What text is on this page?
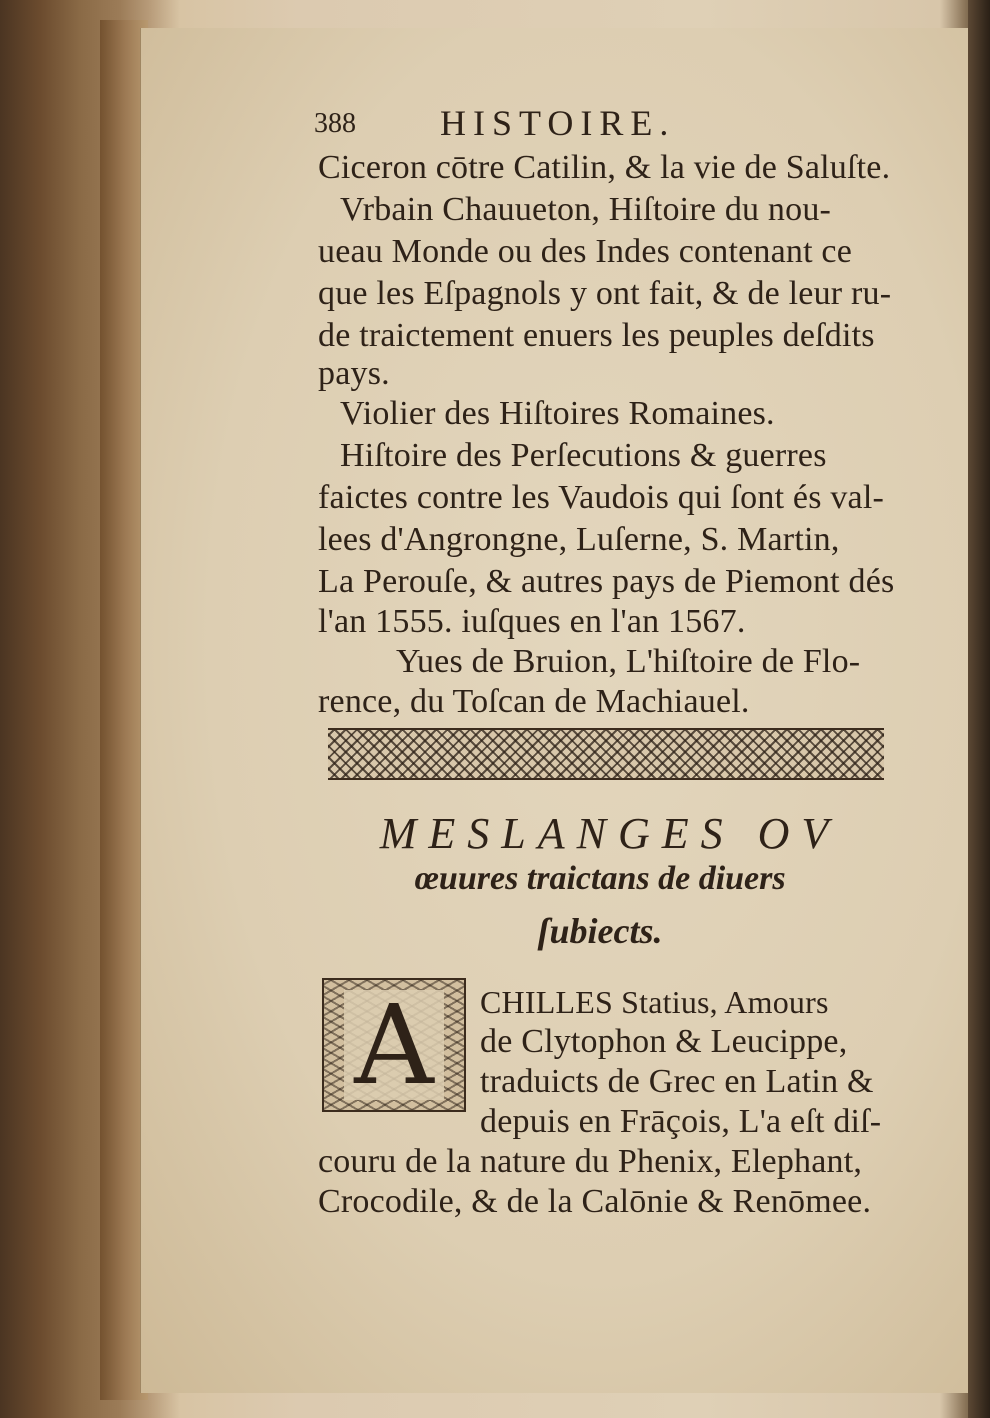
388 HISTOIRE.
Ciceron cōtre Catilin, & la vie de Saluſte.
Vrbain Chauueton, Hiſtoire du nou-
ueau Monde ou des Indes contenant ce
que les Eſpagnols y ont fait, & de leur ru-
de traictement enuers les peuples deſdits
pays.
Violier des Hiſtoires Romaines.
Hiſtoire des Perſecutions & guerres
faictes contre les Vaudois qui ſont és val-
lees d'Angrongne, Luſerne, S. Martin,
La Perouſe, & autres pays de Piemont dés
l'an 1555. iuſques en l'an 1567.
Yues de Bruion, L'hiſtoire de Flo-
rence, du Toſcan de Machiauel.
MESLANGES OV
œuures traictans de diuers
ſubiects.
A	CHILLES Statius, Amours
de Clytophon & Leucippe,
traduicts de Grec en Latin &
depuis en Frāçois, L'a eſt diſ-
couru de la nature du Phenix, Elephant,
Crocodile, & de la Calōnie & Renōmee.
